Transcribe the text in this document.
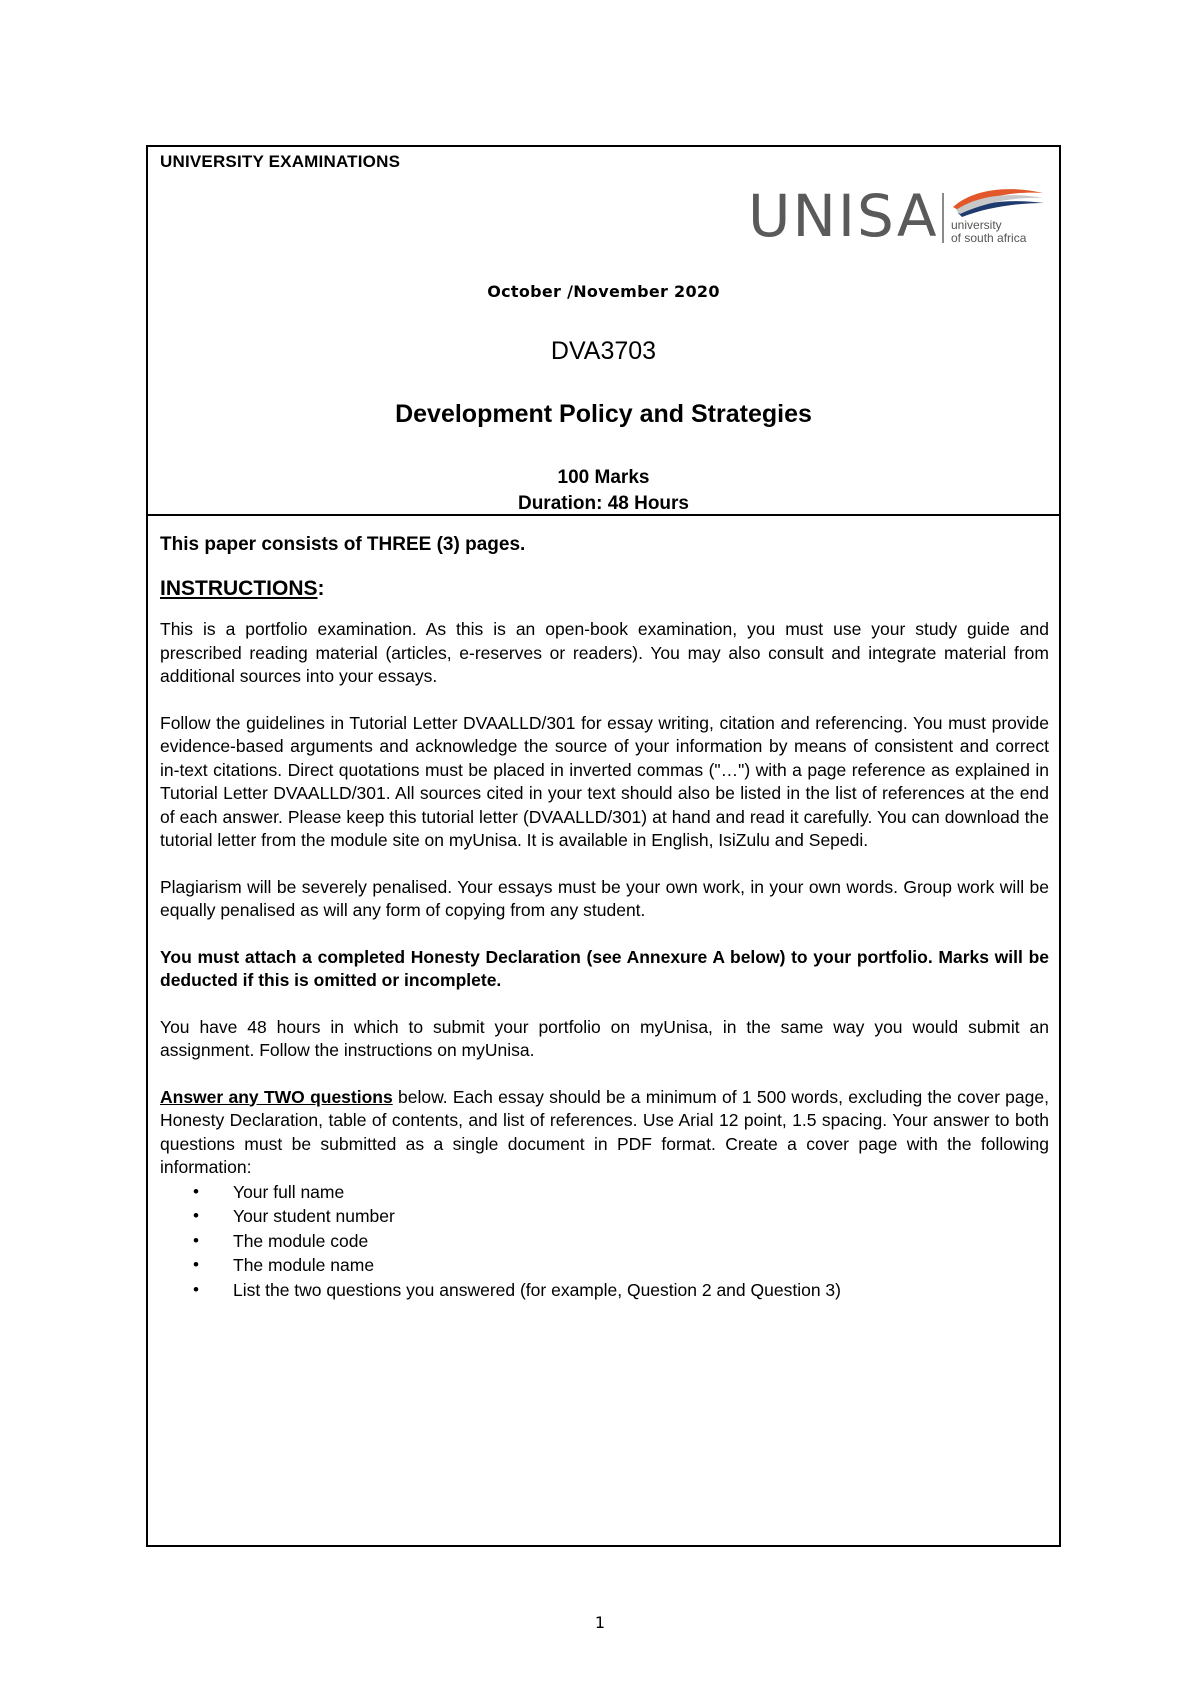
UNIVERSITY EXAMINATIONS
UNISA university
of south africa
October /November 2020
DVA3703
Development Policy and Strategies
100 Marks
Duration: 48 Hours
This paper consists of THREE (3) pages.
INSTRUCTIONS:

This is a portfolio examination. As this is an open-book examination, you must use your study guide and prescribed reading material (articles, e-reserves or readers). You may also consult and integrate material from additional sources into your essays.

Follow the guidelines in Tutorial Letter DVAALLD/301 for essay writing, citation and referencing. You must provide evidence-based arguments and acknowledge the source of your information by means of consistent and correct in-text citations. Direct quotations must be placed in inverted commas ("…") with a page reference as explained in Tutorial Letter DVAALLD/301. All sources cited in your text should also be listed in the list of references at the end of each answer. Please keep this tutorial letter (DVAALLD/301) at hand and read it carefully. You can download the tutorial letter from the module site on myUnisa. It is available in English, IsiZulu and Sepedi.

Plagiarism will be severely penalised. Your essays must be your own work, in your own words. Group work will be equally penalised as will any form of copying from any student.

You must attach a completed Honesty Declaration (see Annexure A below) to your portfolio. Marks will be deducted if this is omitted or incomplete.

You have 48 hours in which to submit your portfolio on myUnisa, in the same way you would submit an assignment. Follow the instructions on myUnisa.

Answer any TWO questions below. Each essay should be a minimum of 1 500 words, excluding the cover page, Honesty Declaration, table of contents, and list of references. Use Arial 12 point, 1.5 spacing. Your answer to both questions must be submitted as a single document in PDF format. Create a cover page with the following information:

• Your full name
• Your student number
• The module code
• The module name
• List the two questions you answered (for example, Question 2 and Question 3)
1
